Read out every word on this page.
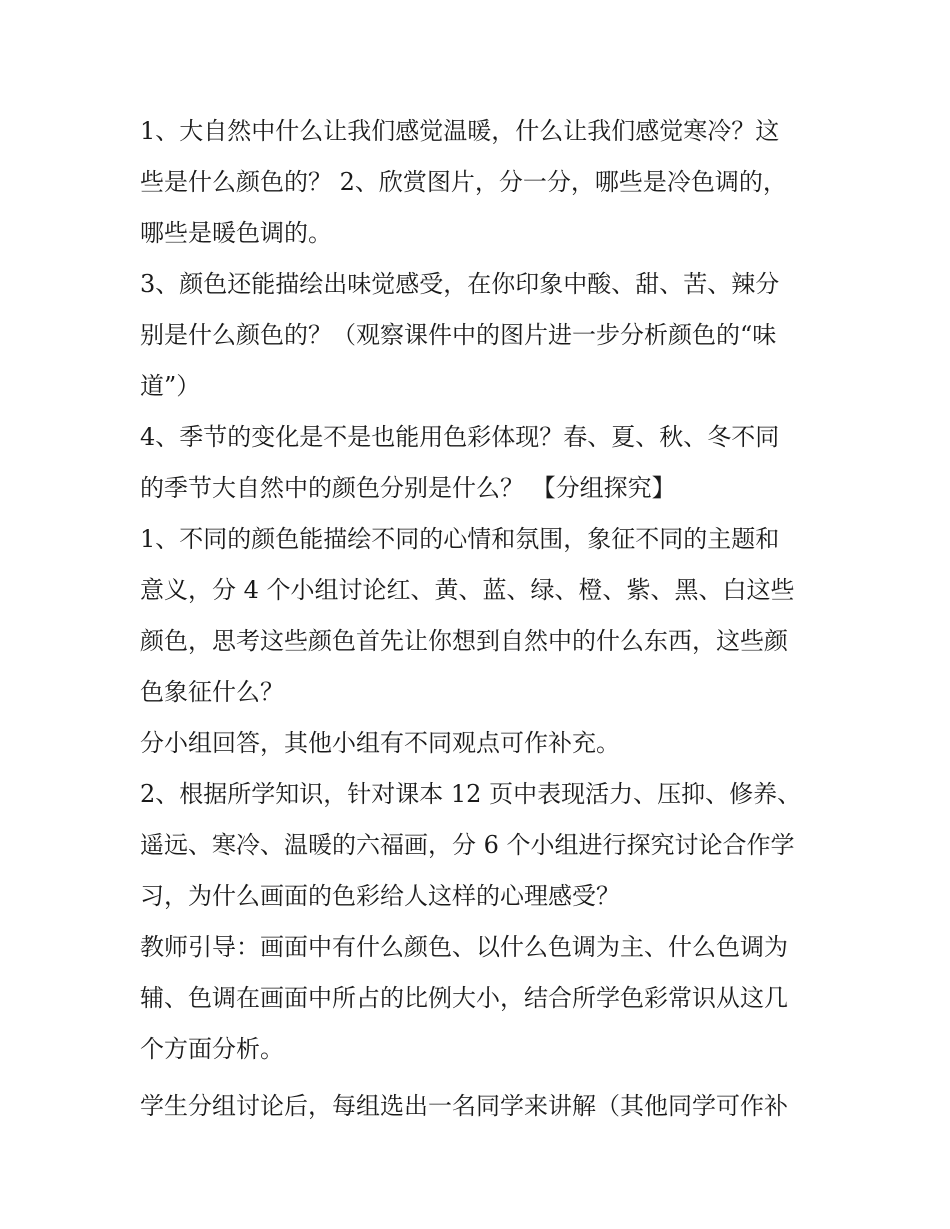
1、大自然中什么让我们感觉温暖，什么让我们感觉寒冷？这
些是什么颜色的？ 2、欣赏图片，分一分，哪些是冷色调的，
哪些是暖色调的。
3、颜色还能描绘出味觉感受，在你印象中酸、甜、苦、辣分
别是什么颜色的？（观察课件中的图片进一步分析颜色的“味
道”）
4、季节的变化是不是也能用色彩体现？春、夏、秋、冬不同
的季节大自然中的颜色分别是什么？ 【分组探究】
1、不同的颜色能描绘不同的心情和氛围，象征不同的主题和
意义，分 4 个小组讨论红、黄、蓝、绿、橙、紫、黑、白这些
颜色，思考这些颜色首先让你想到自然中的什么东西，这些颜
色象征什么？
分小组回答，其他小组有不同观点可作补充。
2、根据所学知识，针对课本 12 页中表现活力、压抑、修养、
遥远、寒冷、温暖的六福画，分 6 个小组进行探究讨论合作学
习，为什么画面的色彩给人这样的心理感受？
教师引导：画面中有什么颜色、以什么色调为主、什么色调为
辅、色调在画面中所占的比例大小，结合所学色彩常识从这几
个方面分析。
学生分组讨论后，每组选出一名同学来讲解（其他同学可作补
